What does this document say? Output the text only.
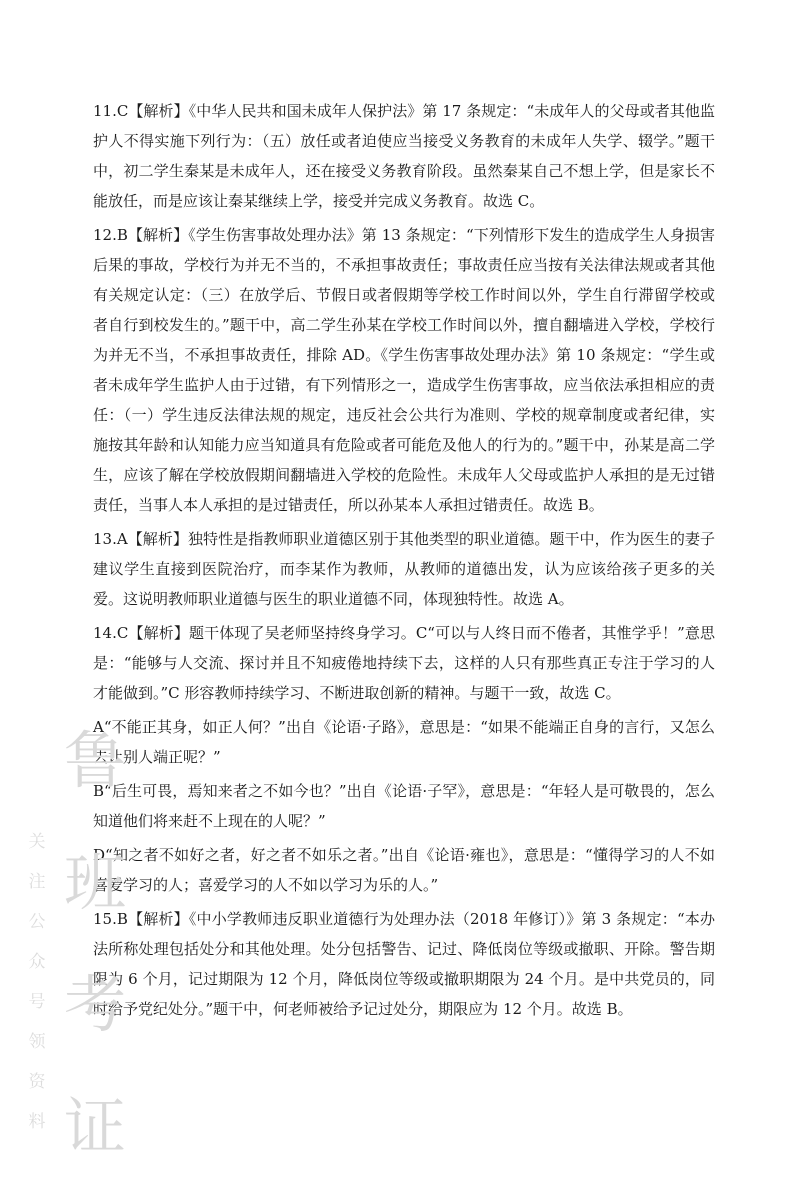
11.C【解析】《中华人民共和国未成年人保护法》第 17 条规定：“未成年人的父母或者其他监护人不得实施下列行为：（五）放任或者迫使应当接受义务教育的未成年人失学、辍学。”题干中，初二学生秦某是未成年人，还在接受义务教育阶段。虽然秦某自己不想上学，但是家长不能放任，而是应该让秦某继续上学，接受并完成义务教育。故选 C。

12.B【解析】《学生伤害事故处理办法》第 13 条规定：“下列情形下发生的造成学生人身损害后果的事故，学校行为并无不当的，不承担事故责任；事故责任应当按有关法律法规或者其他有关规定认定：（三）在放学后、节假日或者假期等学校工作时间以外，学生自行滞留学校或者自行到校发生的。”题干中，高二学生孙某在学校工作时间以外，擅自翻墙进入学校，学校行为并无不当，不承担事故责任，排除 AD。《学生伤害事故处理办法》第 10 条规定：“学生或者未成年学生监护人由于过错，有下列情形之一，造成学生伤害事故，应当依法承担相应的责任：（一）学生违反法律法规的规定，违反社会公共行为准则、学校的规章制度或者纪律，实施按其年龄和认知能力应当知道具有危险或者可能危及他人的行为的。”题干中，孙某是高二学生，应该了解在学校放假期间翻墙进入学校的危险性。未成年人父母或监护人承担的是无过错责任，当事人本人承担的是过错责任，所以孙某本人承担过错责任。故选 B。

13.A【解析】独特性是指教师职业道德区别于其他类型的职业道德。题干中，作为医生的妻子建议学生直接到医院治疗，而李某作为教师，从教师的道德出发，认为应该给孩子更多的关爱。这说明教师职业道德与医生的职业道德不同，体现独特性。故选 A。

14.C【解析】题干体现了吴老师坚持终身学习。C“可以与人终日而不倦者，其惟学乎！”意思是：“能够与人交流、探讨并且不知疲倦地持续下去，这样的人只有那些真正专注于学习的人才能做到。”C 形容教师持续学习、不断进取创新的精神。与题干一致，故选 C。

A“不能正其身，如正人何？”出自《论语·子路》，意思是：“如果不能端正自身的言行，又怎么去让别人端正呢？”

B“后生可畏，焉知来者之不如今也？”出自《论语·子罕》，意思是：“年轻人是可敬畏的，怎么知道他们将来赶不上现在的人呢？”

D“知之者不如好之者，好之者不如乐之者。”出自《论语·雍也》，意思是：“懂得学习的人不如喜爱学习的人；喜爱学习的人不如以学习为乐的人。”

15.B【解析】《中小学教师违反职业道德行为处理办法（2018 年修订）》第 3 条规定：“本办法所称处理包括处分和其他处理。处分包括警告、记过、降低岗位等级或撤职、开除。警告期限为 6 个月，记过期限为 12 个月，降低岗位等级或撤职期限为 24 个月。是中共党员的，同时给予党纪处分。”题干中，何老师被给予记过处分，期限应为 12 个月。故选 B。

鲁
班
考
证
关
注
公
众
号
领
资
料
